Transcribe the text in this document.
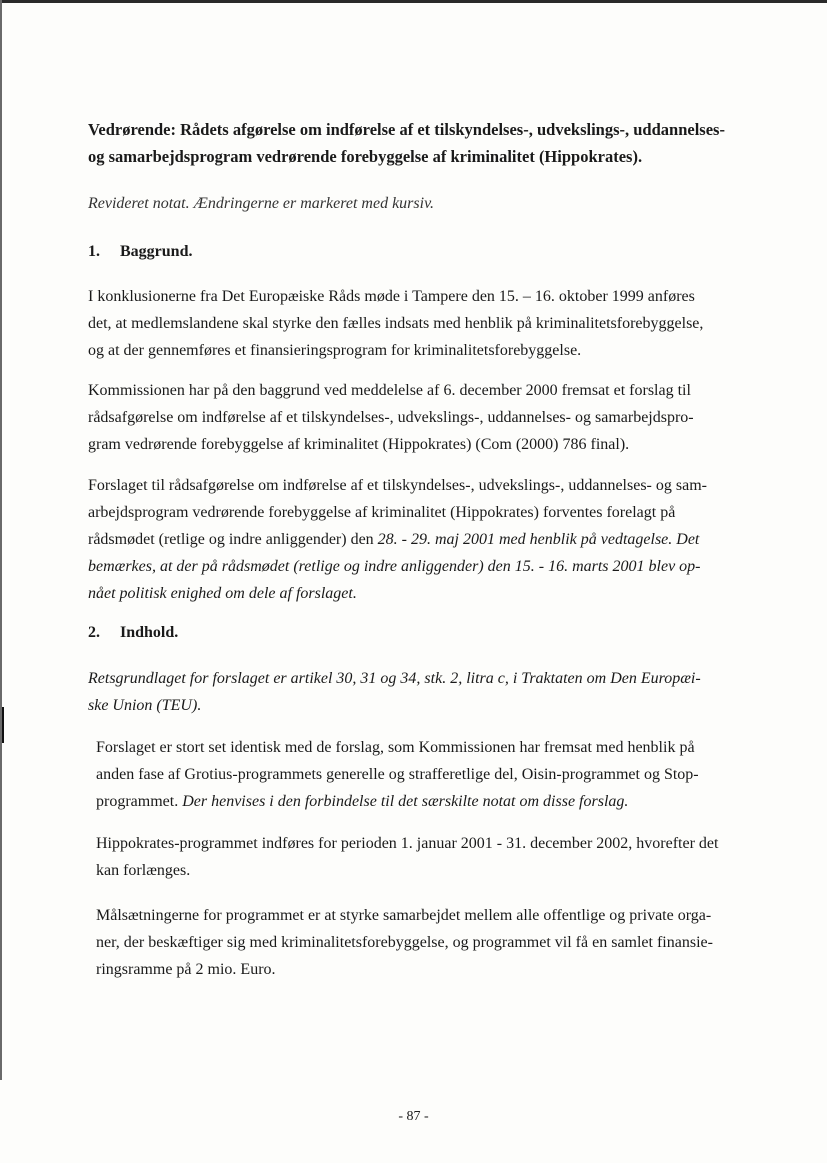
Vedrørende: Rådets afgørelse om indførelse af et tilskyndelses-, udvekslings-, uddannelses-
og samarbejdsprogram vedrørende forebyggelse af kriminalitet (Hippokrates).
Revideret notat. Ændringerne er markeret med kursiv.
1. Baggrund.
I konklusionerne fra Det Europæiske Råds møde i Tampere den 15. – 16. oktober 1999 anføres
det, at medlemslandene skal styrke den fælles indsats med henblik på kriminalitetsforebyggelse,
og at der gennemføres et finansieringsprogram for kriminalitetsforebyggelse.
Kommissionen har på den baggrund ved meddelelse af 6. december 2000 fremsat et forslag til
rådsafgørelse om indførelse af et tilskyndelses-, udvekslings-, uddannelses- og samarbejdspro-
gram vedrørende forebyggelse af kriminalitet (Hippokrates) (Com (2000) 786 final).
Forslaget til rådsafgørelse om indførelse af et tilskyndelses-, udvekslings-, uddannelses- og sam-
arbejdsprogram vedrørende forebyggelse af kriminalitet (Hippokrates) forventes forelagt på
rådsmødet (retlige og indre anliggender) den 28. - 29. maj 2001 med henblik på vedtagelse. Det
bemærkes, at der på rådsmødet (retlige og indre anliggender) den 15. - 16. marts 2001 blev op-
nået politisk enighed om dele af forslaget.
2. Indhold.
Retsgrundlaget for forslaget er artikel 30, 31 og 34, stk. 2, litra c, i Traktaten om Den Europæi-
ske Union (TEU).
Forslaget er stort set identisk med de forslag, som Kommissionen har fremsat med henblik på
anden fase af Grotius-programmets generelle og strafferetlige del, Oisin-programmet og Stop-
programmet. Der henvises i den forbindelse til det særskilte notat om disse forslag.
Hippokrates-programmet indføres for perioden 1. januar 2001 - 31. december 2002, hvorefter det
kan forlænges.
Målsætningerne for programmet er at styrke samarbejdet mellem alle offentlige og private orga-
ner, der beskæftiger sig med kriminalitetsforebyggelse, og programmet vil få en samlet finansie-
ringsramme på 2 mio. Euro.
- 87 -
